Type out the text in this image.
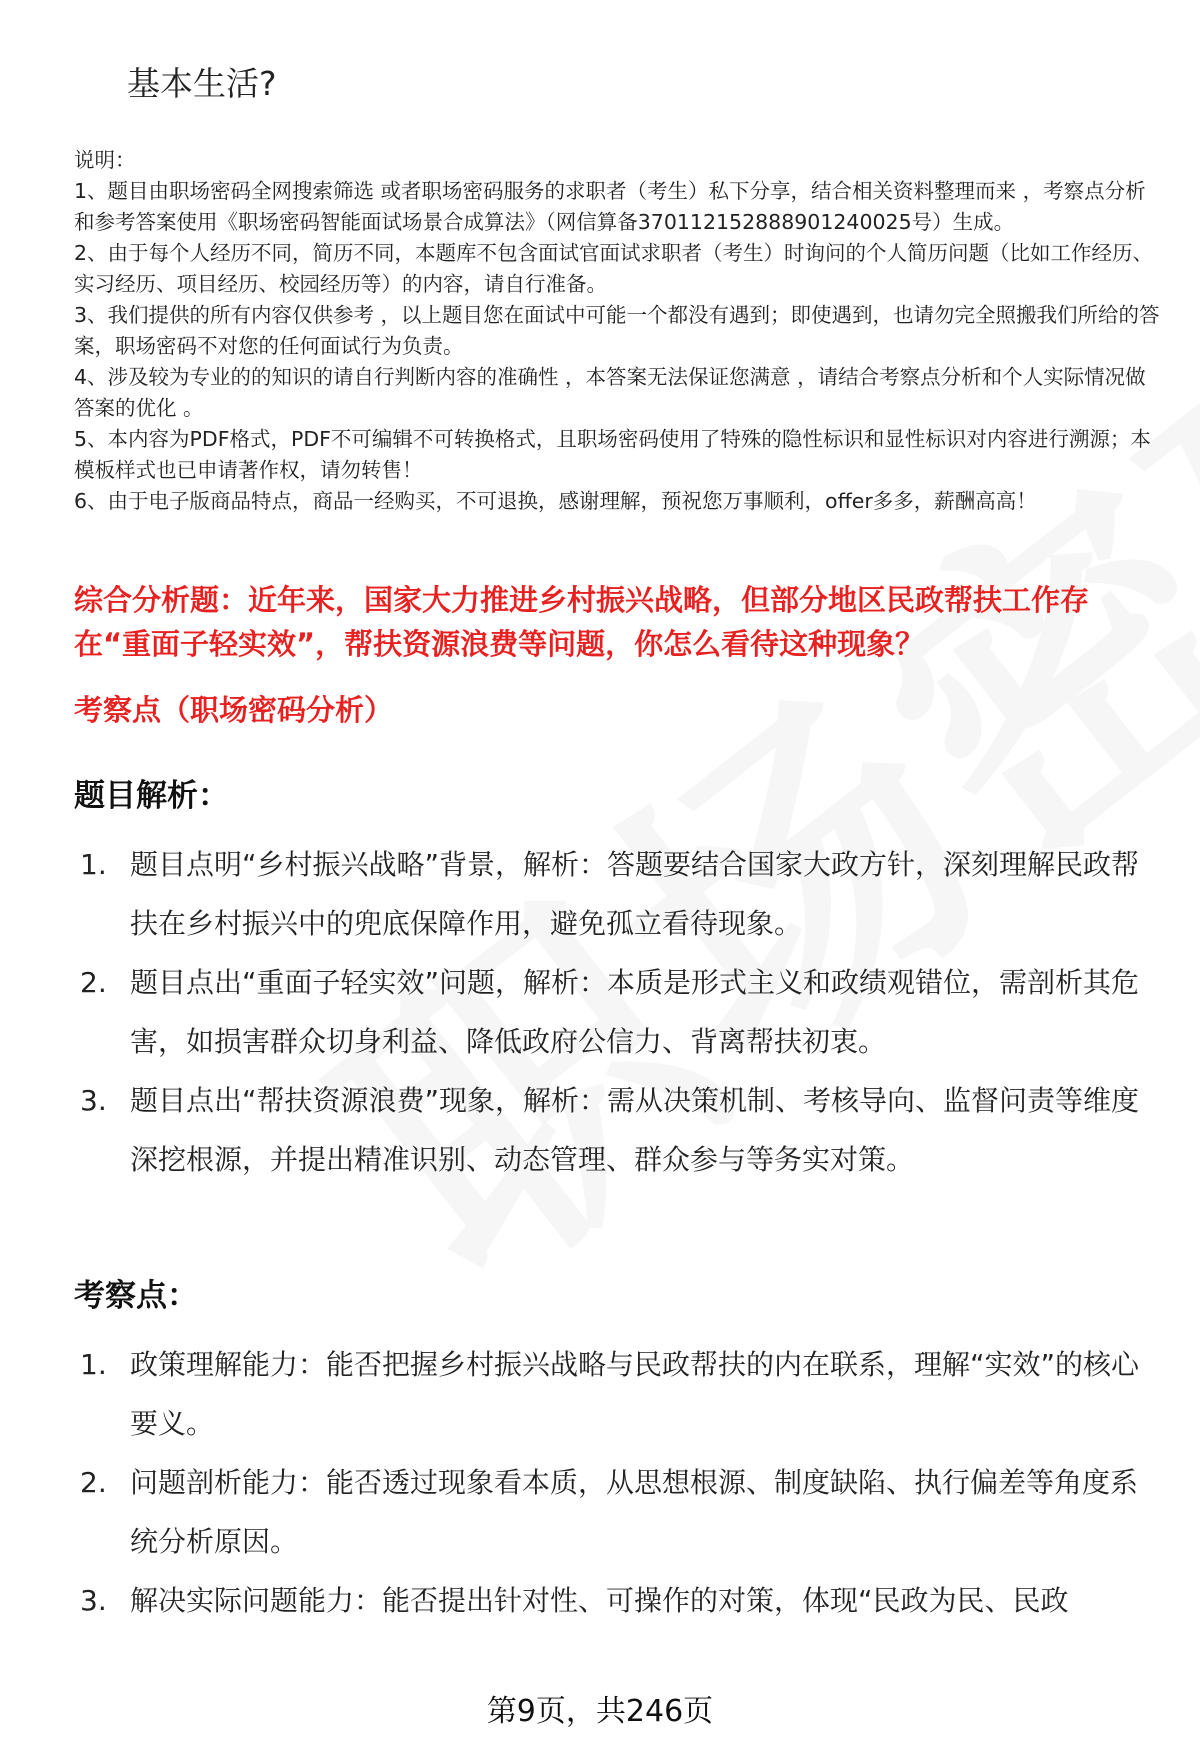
基本生活?

说明：

1、题目由职场密码全网搜索筛选 或者职场密码服务的求职者（考生）私下分享，结合相关资料整理而来 ，考察点分析和参考答案使用《职场密码智能面试场景合成算法》（网信算备370112152888901240025号）生成。

2、由于每个人经历不同，简历不同，本题库不包含面试官面试求职者（考生）时询问的个人简历问题（比如工作经历、实习经历、项目经历、校园经历等）的内容，请自行准备。

3、我们提供的所有内容仅供参考 ，以上题目您在面试中可能一个都没有遇到；即使遇到，也请勿完全照搬我们所给的答案，职场密码不对您的任何面试行为负责。

4、涉及较为专业的的知识的请自行判断内容的准确性 ，本答案无法保证您满意 ，请结合考察点分析和个人实际情况做答案的优化 。

5、本内容为PDF格式，PDF不可编辑不可转换格式，且职场密码使用了特殊的隐性标识和显性标识对内容进行溯源；本模板样式也已申请著作权，请勿转售！

6、由于电子版商品特点，商品一经购买，不可退换，感谢理解，预祝您万事顺利，offer多多，薪酬高高！

综合分析题：近年来，国家大力推进乡村振兴战略，但部分地区民政帮扶工作存在“重面子轻实效”，帮扶资源浪费等问题，你怎么看待这种现象？
考察点（职场密码分析）
题目解析：
1. 题目点明“乡村振兴战略”背景，解析：答题要结合国家大政方针，深刻理解民政帮扶在乡村振兴中的兜底保障作用，避免孤立看待现象。
2. 题目点出“重面子轻实效”问题，解析：本质是形式主义和政绩观错位，需剖析其危害，如损害群众切身利益、降低政府公信力、背离帮扶初衷。
3. 题目点出“帮扶资源浪费”现象，解析：需从决策机制、考核导向、监督问责等维度深挖根源，并提出精准识别、动态管理、群众参与等务实对策。
考察点：
1. 政策理解能力：能否把握乡村振兴战略与民政帮扶的内在联系，理解“实效”的核心要义。
2. 问题剖析能力：能否透过现象看本质，从思想根源、制度缺陷、执行偏差等角度系统分析原因。
3. 解决实际问题能力：能否提出针对性、可操作的对策，体现“民政为民、民政
第9页，共246页
